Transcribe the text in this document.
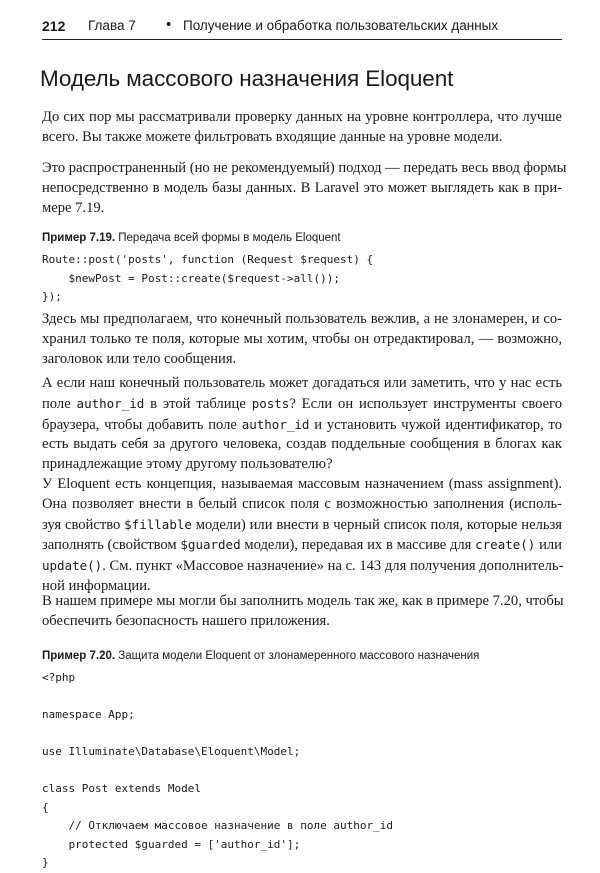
212 Глава 7 • Получение и обработка пользовательских данных
Модель массового назначения Eloquent
До сих пор мы рассматривали проверку данных на уровне контроллера, что лучше
всего. Вы также можете фильтровать входящие данные на уровне модели.
Это распространенный (но не рекомендуемый) подход — передать весь ввод формы
непосредственно в модель базы данных. В Laravel это может выглядеть как в при-
мере 7.19.

Пример 7.19. Передача всей формы в модель Eloquent

Route::post('posts', function (Request $request) {
$newPost = Post::create($request->all());
});
Здесь мы предполагаем, что конечный пользователь вежлив, а не злонамерен, и со-
хранил только те поля, которые мы хотим, чтобы он отредактировал, — возможно,
заголовок или тело сообщения.
А если наш конечный пользователь может догадаться или заметить, что у нас есть
поле author_id в этой таблице posts? Если он использует инструменты своего
браузера, чтобы добавить поле author_id и установить чужой идентификатор, то
есть выдать себя за другого человека, создав поддельные сообщения в блогах как
принадлежащие этому другому пользователю?
У Eloquent есть концепция, называемая массовым назначением (mass assignment).
Она позволяет внести в белый список поля с возможностью заполнения (исполь-
зуя свойство $fillable модели) или внести в черный список поля, которые нельзя
заполнять (свойством $guarded модели), передавая их в массиве для create() или
update(). См. пункт «Массовое назначение» на с. 143 для получения дополнитель-
ной информации.
В нашем примере мы могли бы заполнить модель так же, как в примере 7.20, чтобы
обеспечить безопасность нашего приложения.

Пример 7.20. Защита модели Eloquent от злонамеренного массового назначения

<?php

namespace App;

use Illuminate\Database\Eloquent\Model;

class Post extends Model
{
// Отключаем массовое назначение в поле author_id
protected $guarded = ['author_id'];
}
